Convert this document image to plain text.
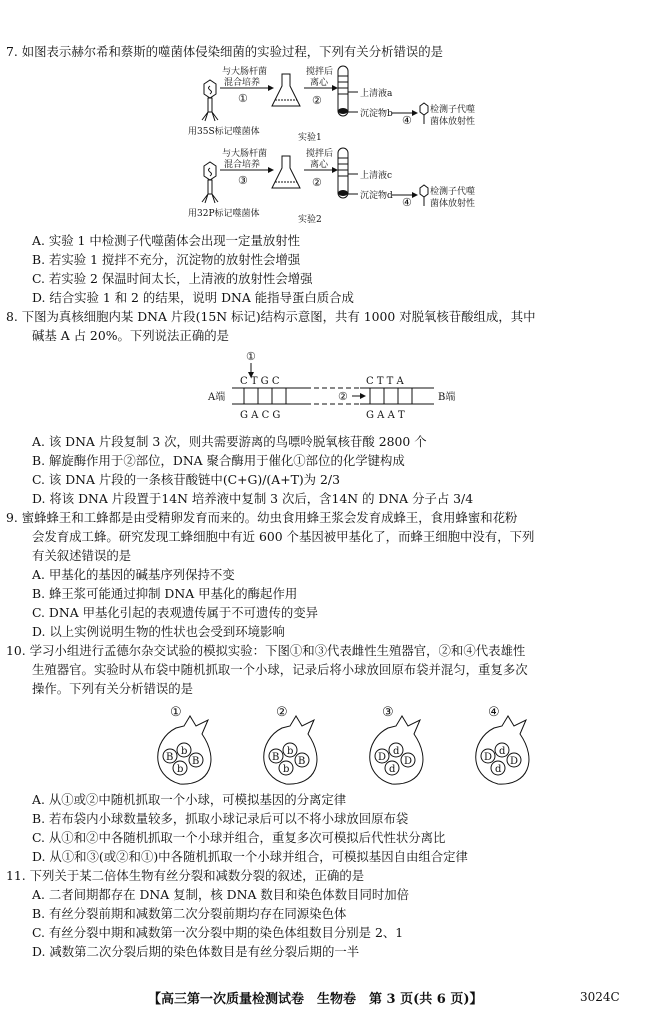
7. 如图表示赫尔希和蔡斯的噬菌体侵染细菌的实验过程，下列有关分析错误的是
与大肠杆菌
混合培养
①
搅拌后
离心
②	上清液a
沉淀物b ④
检测子代噬
菌体放射性
用35S标记噬菌体
实验1
与大肠杆菌
混合培养
③
搅拌后
离心
②	上清液c
沉淀物d ④
检测子代噬
菌体放射性
用32P标记噬菌体
实验2
A. 实验 1 中检测子代噬菌体会出现一定量放射性
B. 若实验 1 搅拌不充分，沉淀物的放射性会增强
C. 若实验 2 保温时间太长，上清液的放射性会增强
D. 结合实验 1 和 2 的结果，说明 DNA 能指导蛋白质合成
8. 下图为真核细胞内某 DNA 片段(15N 标记)结构示意图，共有 1000 对脱氧核苷酸组成，其中
碱基 A 占 20%。下列说法正确的是
①
C T G C	C T T A
A端	B端
②
G A C G	G A A T
A. 该 DNA 片段复制 3 次，则共需要游离的鸟嘌呤脱氧核苷酸 2800 个
B. 解旋酶作用于②部位，DNA 聚合酶用于催化①部位的化学键构成
C. 该 DNA 片段的一条核苷酸链中(C+G)/(A+T)为 2/3
D. 将该 DNA 片段置于14N 培养液中复制 3 次后，含14N 的 DNA 分子占 3/4
9. 蜜蜂蜂王和工蜂都是由受精卵发育而来的。幼虫食用蜂王浆会发育成蜂王，食用蜂蜜和花粉
会发育成工蜂。研究发现工蜂细胞中有近 600 个基因被甲基化了，而蜂王细胞中没有，下列
有关叙述错误的是
A. 甲基化的基因的碱基序列保持不变
B. 蜂王浆可能通过抑制 DNA 甲基化的酶起作用
C. DNA 甲基化引起的表观遗传属于不可遗传的变异
D. 以上实例说明生物的性状也会受到环境影响
10. 学习小组进行孟德尔杂交试验的模拟实验：下图①和③代表雌性生殖器官，②和④代表雄性
生殖器官。实验时从布袋中随机抓取一个小球，记录后将小球放回原布袋并混匀，重复多次
操作。下列有关分析错误的是
①
B
b
B
b
②
B
b
B
b
③
D
d
D
d
④
D
d
D
d
A. 从①或②中随机抓取一个小球，可模拟基因的分离定律
B. 若布袋内小球数量较多，抓取小球记录后可以不将小球放回原布袋
C. 从①和②中各随机抓取一个小球并组合，重复多次可模拟后代性状分离比
D. 从①和③(或②和①)中各随机抓取一个小球并组合，可模拟基因自由组合定律
11. 下列关于某二倍体生物有丝分裂和减数分裂的叙述，正确的是
A. 二者间期都存在 DNA 复制，核 DNA 数目和染色体数目同时加倍
B. 有丝分裂前期和减数第二次分裂前期均存在同源染色体
C. 有丝分裂中期和减数第一次分裂中期的染色体组数目分别是 2、1
D. 减数第二次分裂后期的染色体数目是有丝分裂后期的一半
【高三第一次质量检测试卷　生物卷　第 3 页(共 6 页)】	3024C
